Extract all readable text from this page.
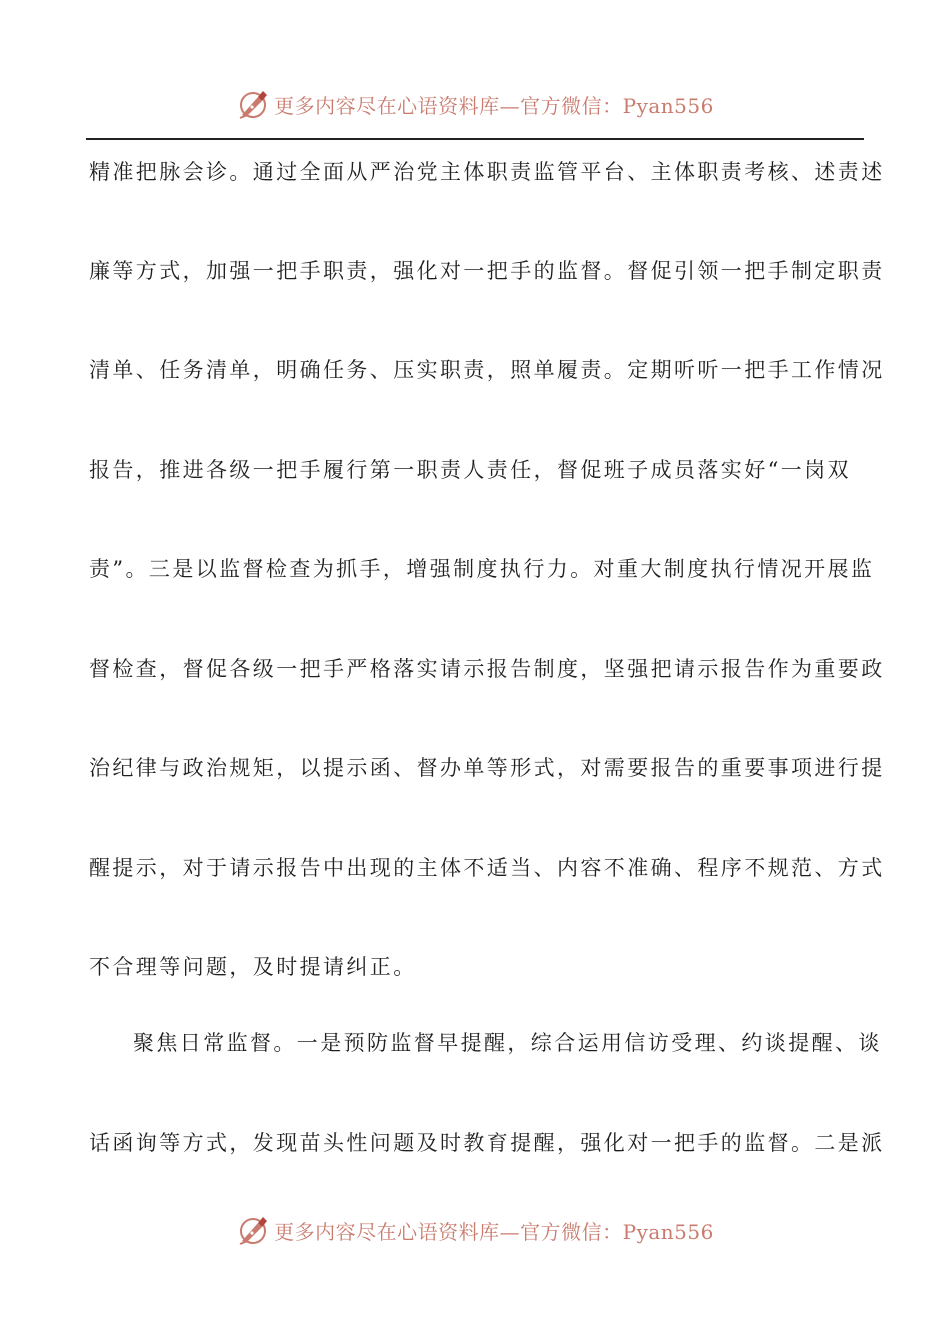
更多内容尽在心语资料库—官方微信：Pyan556
精准把脉会诊。通过全面从严治党主体职责监管平台、主体职责考核、述责述
廉等方式，加强一把手职责，强化对一把手的监督。督促引领一把手制定职责
清单、任务清单，明确任务、压实职责，照单履责。定期听听一把手工作情况
报告，推进各级一把手履行第一职责人责任，督促班子成员落实好“一岗双
责”。三是以监督检查为抓手，增强制度执行力。对重大制度执行情况开展监
督检查，督促各级一把手严格落实请示报告制度，坚强把请示报告作为重要政
治纪律与政治规矩，以提示函、督办单等形式，对需要报告的重要事项进行提
醒提示，对于请示报告中出现的主体不适当、内容不准确、程序不规范、方式
不合理等问题，及时提请纠正。
聚焦日常监督。一是预防监督早提醒，综合运用信访受理、约谈提醒、谈
话函询等方式，发现苗头性问题及时教育提醒，强化对一把手的监督。二是派
更多内容尽在心语资料库—官方微信：Pyan556
